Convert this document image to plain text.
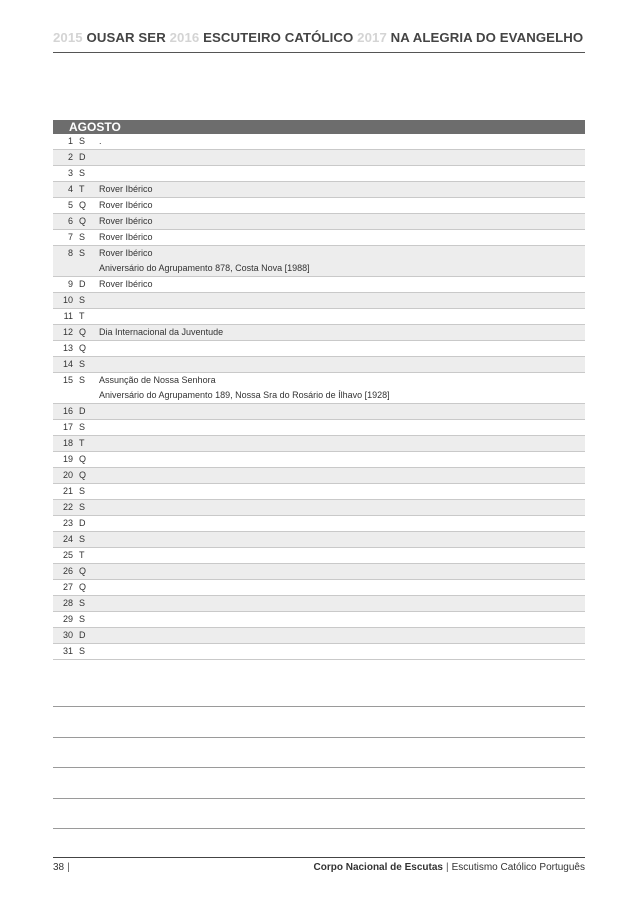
2015 OUSAR SER 2016 ESCUTEIRO CATÓLICO 2017 NA ALEGRIA DO EVANGELHO
AGOSTO
1 S .
2 D
3 S
4 T Rover Ibérico
5 Q Rover Ibérico
6 Q Rover Ibérico
7 S Rover Ibérico
8 S Rover Ibérico
Aniversário do Agrupamento 878, Costa Nova [1988]
9 D Rover Ibérico
10 S
11 T
12 Q Dia Internacional da Juventude
13 Q
14 S
15 S Assunção de Nossa Senhora
Aniversário do Agrupamento 189, Nossa Sra do Rosário de Ílhavo [1928]
16 D
17 S
18 T
19 Q
20 Q
21 S
22 S
23 D
24 S
25 T
26 Q
27 Q
28 S
29 S
30 D
31 S
38 |	Corpo Nacional de Escutas | Escutismo Católico Português
